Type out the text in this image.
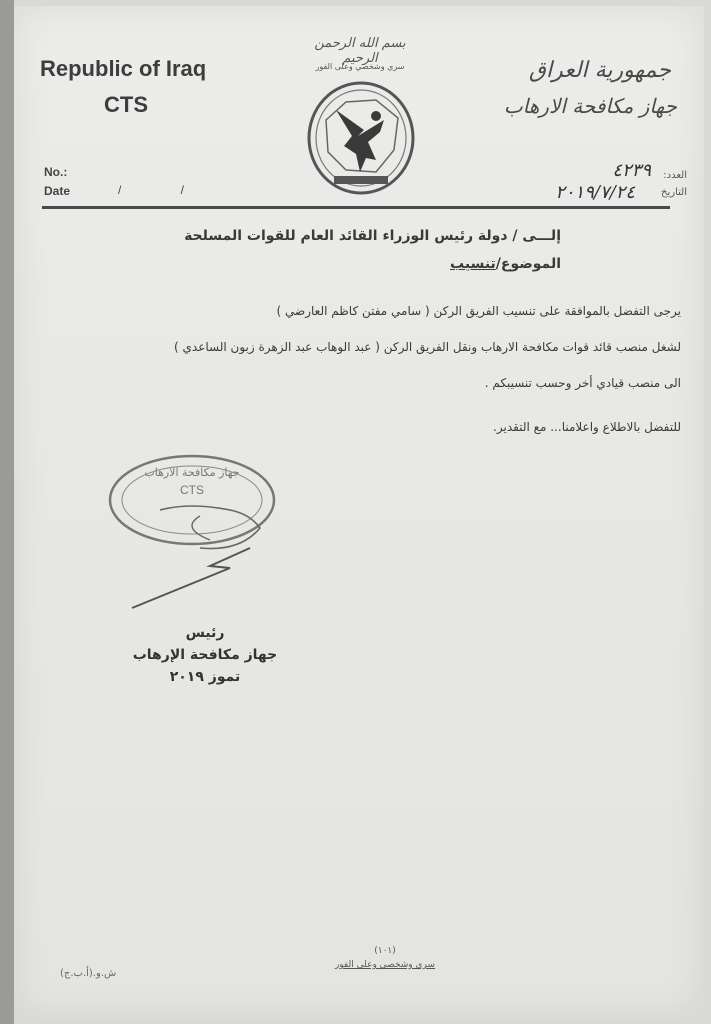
Republic of Iraq
CTS
بسم الله الرحمن الرحيم
سري وشخصي وعلى الفور	جمهورية العراق
جهاز مكافحة الارهاب
No.:
Date	/ /
العدد:
التاريخ
٤٢٣٩
٢٠١٩/٧/٢٤
إلـــى / دولة رئيس الوزراء القائد العام للقوات المسلحة
الموضوع/تنسيب
يرجى التفضل بالموافقة على تنسيب الفريق الركن ( سامي مفتن كاظم العارضي )
لشغل منصب قائد قوات مكافحة الارهاب ونقل الفريق الركن ( عبد الوهاب عبد الزهرة زبون الساعدي )
الى منصب قيادي أخر وحسب تنسيبكم .
للتفضل بالاطلاع واعلامنا... مع التقدير.
جهاز مكافحة الارهاب
CTS
رئيس
جهاز مكافحة الإرهاب
تموز ٢٠١٩
(١٠١)
سري وشخصي وعلى الفور
ش.و.(أ.ب.ج)
